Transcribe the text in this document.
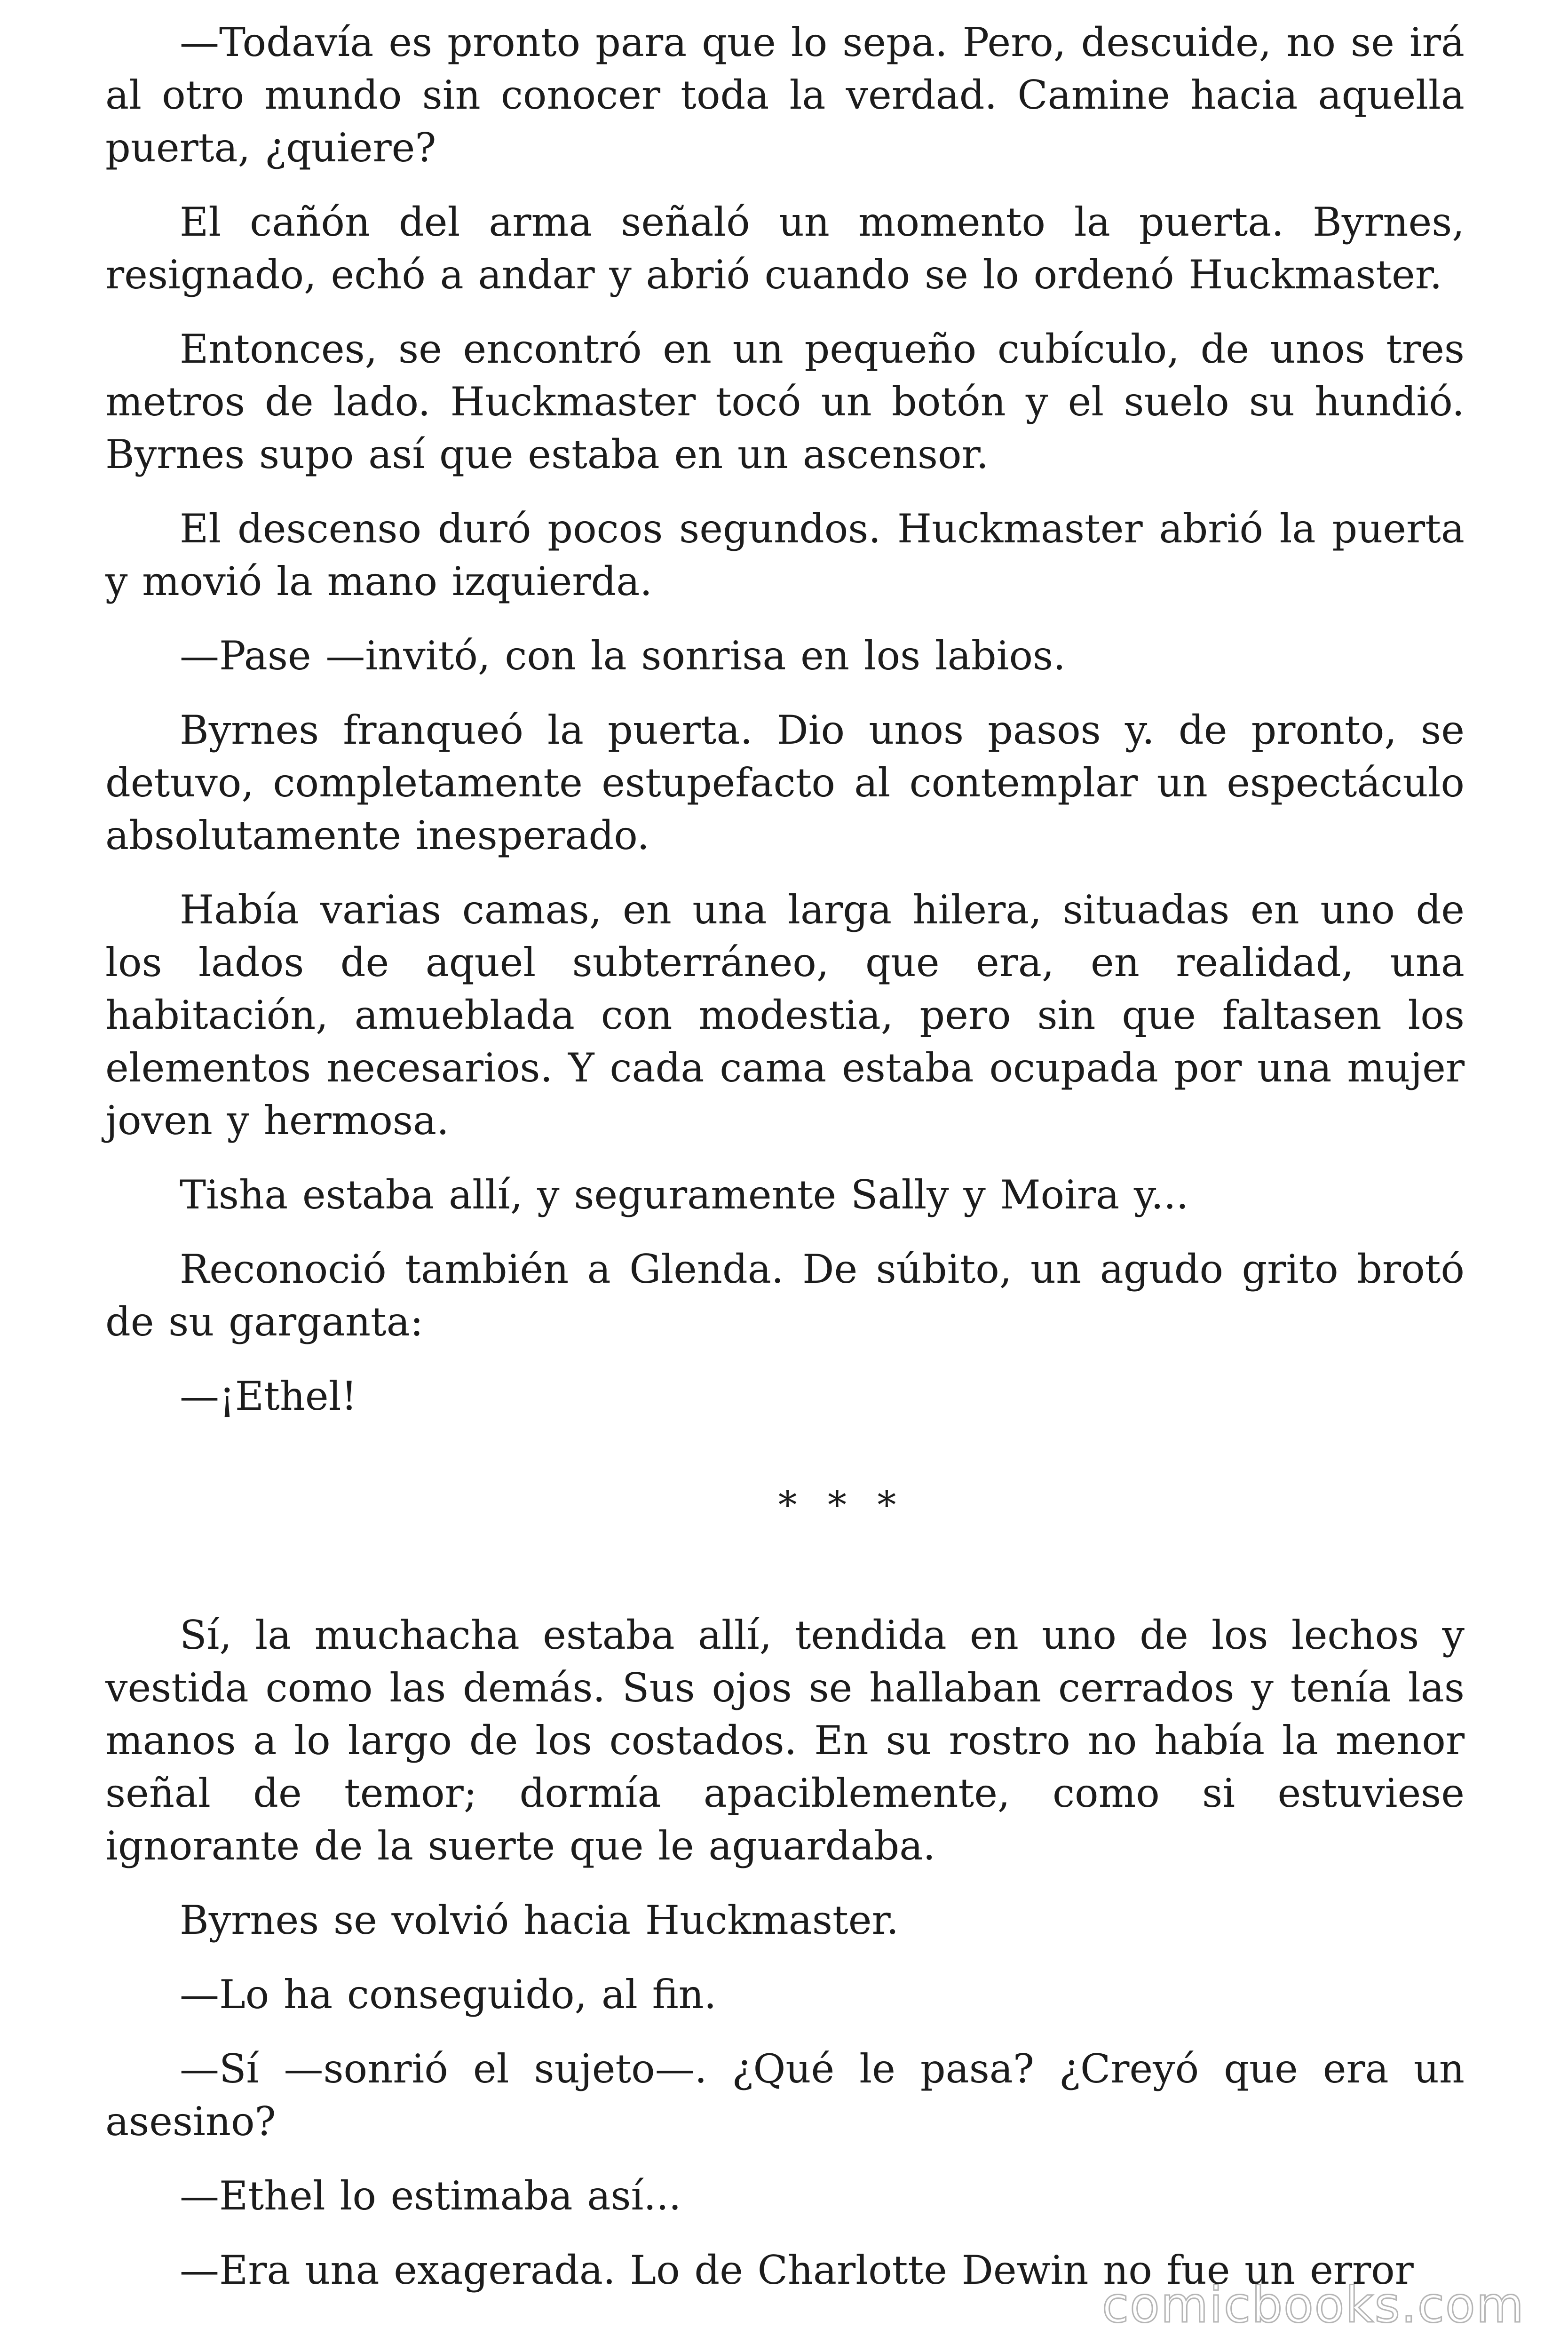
—Todavía es pronto para que lo sepa. Pero, descuide, no se irá al otro mundo sin conocer toda la verdad. Camine hacia aquella puerta, ¿quiere?

El cañón del arma señaló un momento la puerta. Byrnes, resignado, echó a andar y abrió cuando se lo ordenó Huckmaster.

Entonces, se encontró en un pequeño cubículo, de unos tres metros de lado. Huckmaster tocó un botón y el suelo su hundió. Byrnes supo así que estaba en un ascensor.

El descenso duró pocos segundos. Huckmaster abrió la puerta y movió la mano izquierda.

—Pase —invitó, con la sonrisa en los labios.

Byrnes franqueó la puerta. Dio unos pasos y. de pronto, se detuvo, completamente estupefacto al contemplar un espectáculo absolutamente inesperado.

Había varias camas, en una larga hilera, situadas en uno de los lados de aquel subterráneo, que era, en realidad, una habitación, amueblada con modestia, pero sin que faltasen los elementos necesarios. Y cada cama estaba ocupada por una mujer joven y hermosa.

Tisha estaba allí, y seguramente Sally y Moira y...

Reconoció también a Glenda. De súbito, un agudo grito brotó de su garganta:

—¡Ethel!

* * *

Sí, la muchacha estaba allí, tendida en uno de los lechos y vestida como las demás. Sus ojos se hallaban cerrados y tenía las manos a lo largo de los costados. En su rostro no había la menor señal de temor; dormía apaciblemente, como si estuviese ignorante de la suerte que le aguardaba.

Byrnes se volvió hacia Huckmaster.

—Lo ha conseguido, al fin.

—Sí —sonrió el sujeto—. ¿Qué le pasa? ¿Creyó que era un asesino?

—Ethel lo estimaba así...

—Era una exagerada. Lo de Charlotte Dewin no fue un error

comicbooks.com
